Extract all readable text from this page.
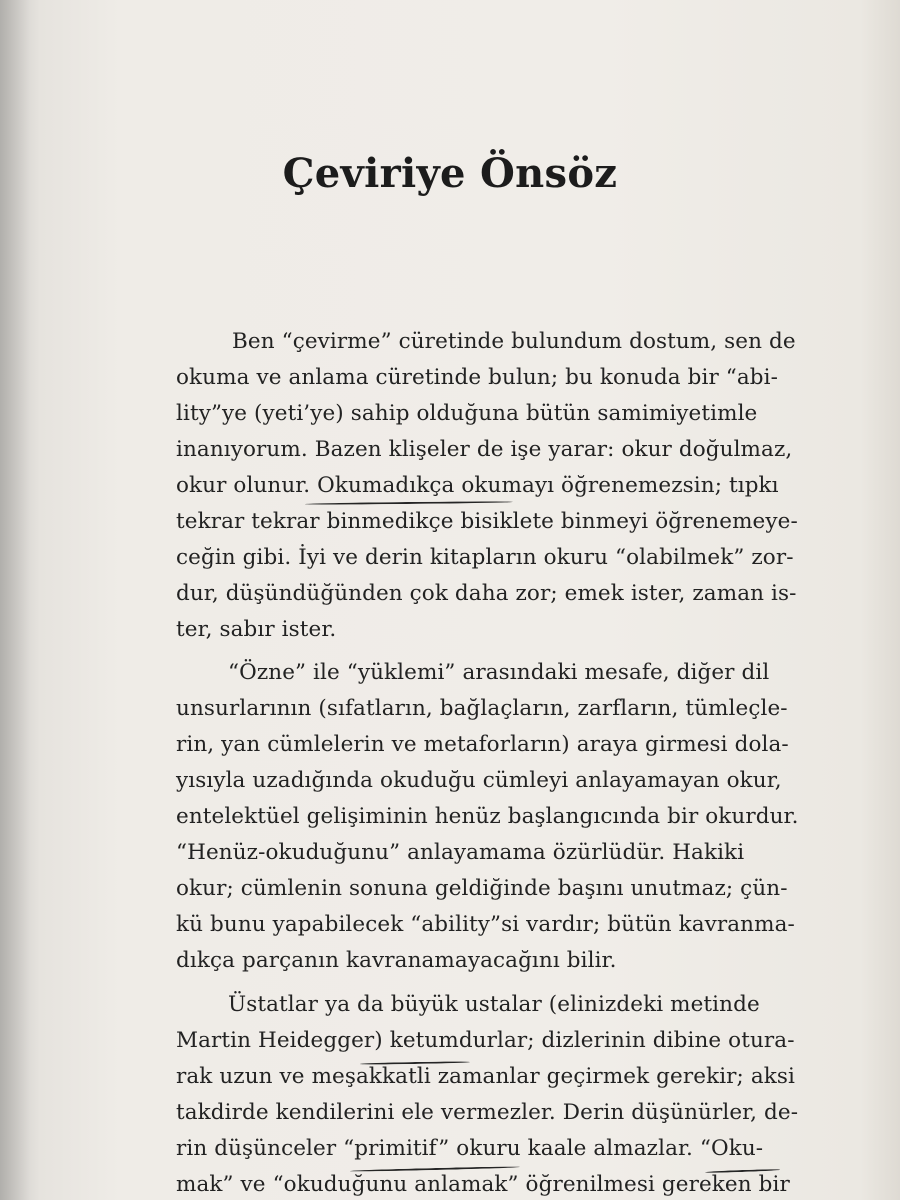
Çeviriye Önsöz
Ben “çevirme” cüretinde bulundum dostum, sen de
okuma ve anlama cüretinde bulun; bu konuda bir “abi-
lity”ye (yeti’ye) sahip olduğuna bütün samimiyetimle
inanıyorum. Bazen klişeler de işe yarar: okur doğulmaz,
okur olunur. Okumadıkça okumayı öğrenemezsin; tıpkı
tekrar tekrar binmedikçe bisiklete binmeyi öğrenemeye-
ceğin gibi. İyi ve derin kitapların okuru “olabilmek” zor-
dur, düşündüğünden çok daha zor; emek ister, zaman is-
ter, sabır ister.
“Özne” ile “yüklemi” arasındaki mesafe, diğer dil
unsurlarının (sıfatların, bağlaçların, zarfların, tümleçle-
rin, yan cümlelerin ve metaforların) araya girmesi dola-
yısıyla uzadığında okuduğu cümleyi anlayamayan okur,
entelektüel gelişiminin henüz başlangıcında bir okurdur.
“Henüz-okuduğunu” anlayamama özürlüdür. Hakiki
okur; cümlenin sonuna geldiğinde başını unutmaz; çün-
kü bunu yapabilecek “ability”si vardır; bütün kavranma-
dıkça parçanın kavranamayacağını bilir.
Üstatlar ya da büyük ustalar (elinizdeki metinde
Martin Heidegger) ketumdurlar; dizlerinin dibine otura-
rak uzun ve meşakkatli zamanlar geçirmek gerekir; aksi
takdirde kendilerini ele vermezler. Derin düşünürler, de-
rin düşünceler “primitif” okuru kaale almazlar. “Oku-
mak” ve “okuduğunu anlamak” öğrenilmesi gereken bir
